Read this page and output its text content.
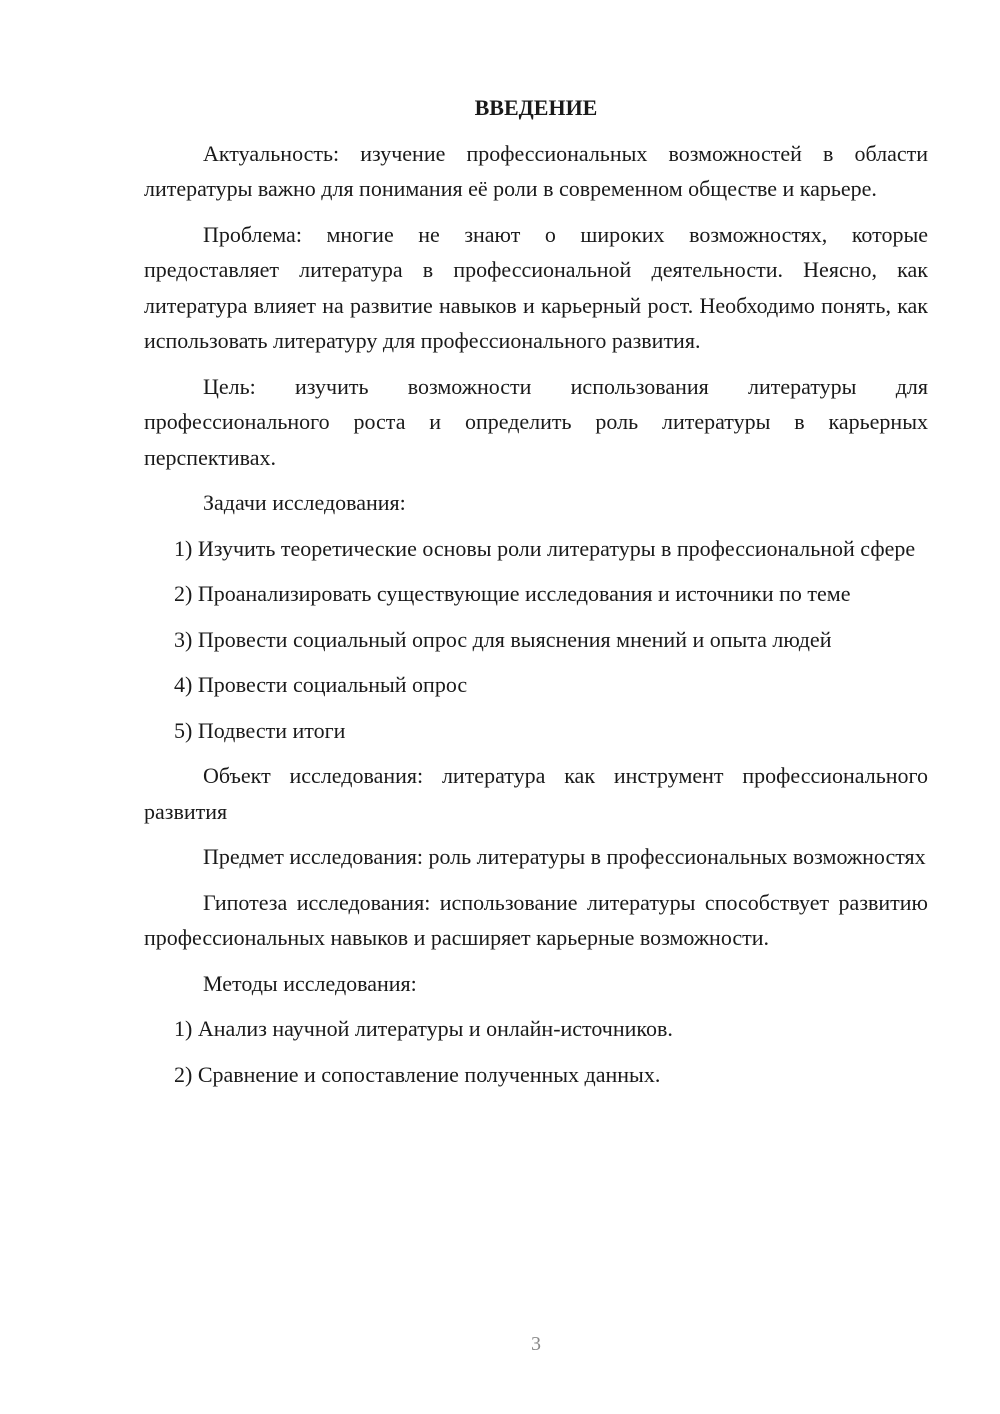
ВВЕДЕНИЕ

Актуальность: изучение профессиональных возможностей в области литературы важно для понимания её роли в современном обществе и карьере.

Проблема: многие не знают о широких возможностях, которые предоставляет литература в профессиональной деятельности. Неясно, как литература влияет на развитие навыков и карьерный рост. Необходимо понять, как использовать литературу для профессионального развития.

Цель: изучить возможности использования литературы для профессионального роста и определить роль литературы в карьерных перспективах.

Задачи исследования:

1) Изучить теоретические основы роли литературы в профессиональной сфере

2) Проанализировать существующие исследования и источники по теме

3) Провести социальный опрос для выяснения мнений и опыта людей

4) Провести социальный опрос

5) Подвести итоги

Объект исследования: литература как инструмент профессионального развития

Предмет исследования: роль литературы в профессиональных возможностях

Гипотеза исследования: использование литературы способствует развитию профессиональных навыков и расширяет карьерные возможности.

Методы исследования:

1) Анализ научной литературы и онлайн-источников.

2) Сравнение и сопоставление полученных данных.

3
